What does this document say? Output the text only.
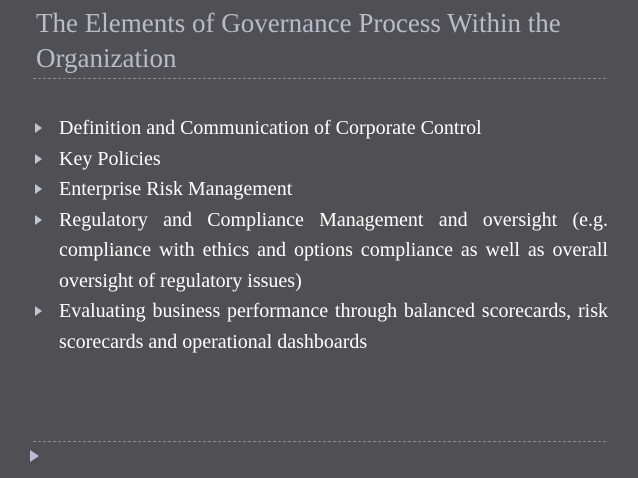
The Elements of Governance Process Within the Organization
Definition and Communication of Corporate Control
Key Policies
Enterprise Risk Management
Regulatory and Compliance Management and oversight (e.g. compliance with ethics and options compliance as well as overall oversight of regulatory issues)
Evaluating business performance through balanced scorecards, risk scorecards and operational dashboards
